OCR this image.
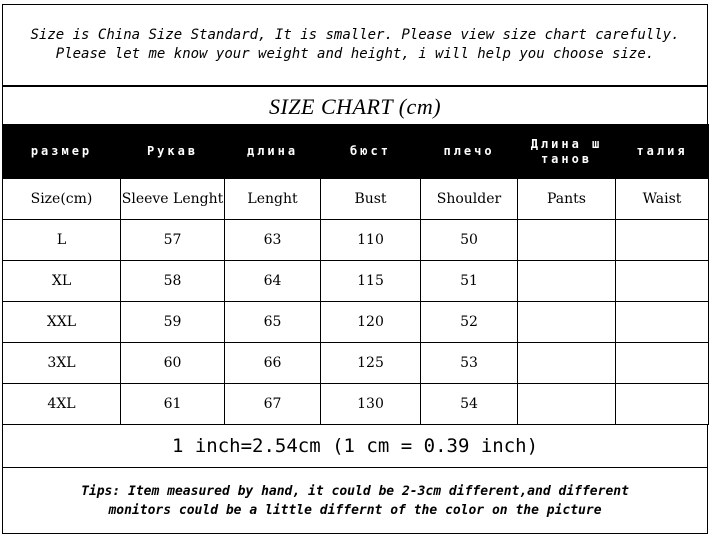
Size is China Size Standard, It is smaller. Please view size chart carefully.
Please let me know your weight and height, i will help you choose size.
SIZE CHART (cm)
размер	Рукав	длина	бюст	плечо	Длина ш танов	талия
Size(cm)	Sleeve Lenght	Lenght	Bust	Shoulder	Pants	Waist
L	57	63	110	50		
XL	58	64	115	51		
XXL	59	65	120	52		
3XL	60	66	125	53		
4XL	61	67	130	54		
1 inch=2.54cm (1 cm = 0.39 inch)
Tips: Item measured by hand, it could be 2-3cm different,and different
monitors could be a little differnt of the color on the picture
